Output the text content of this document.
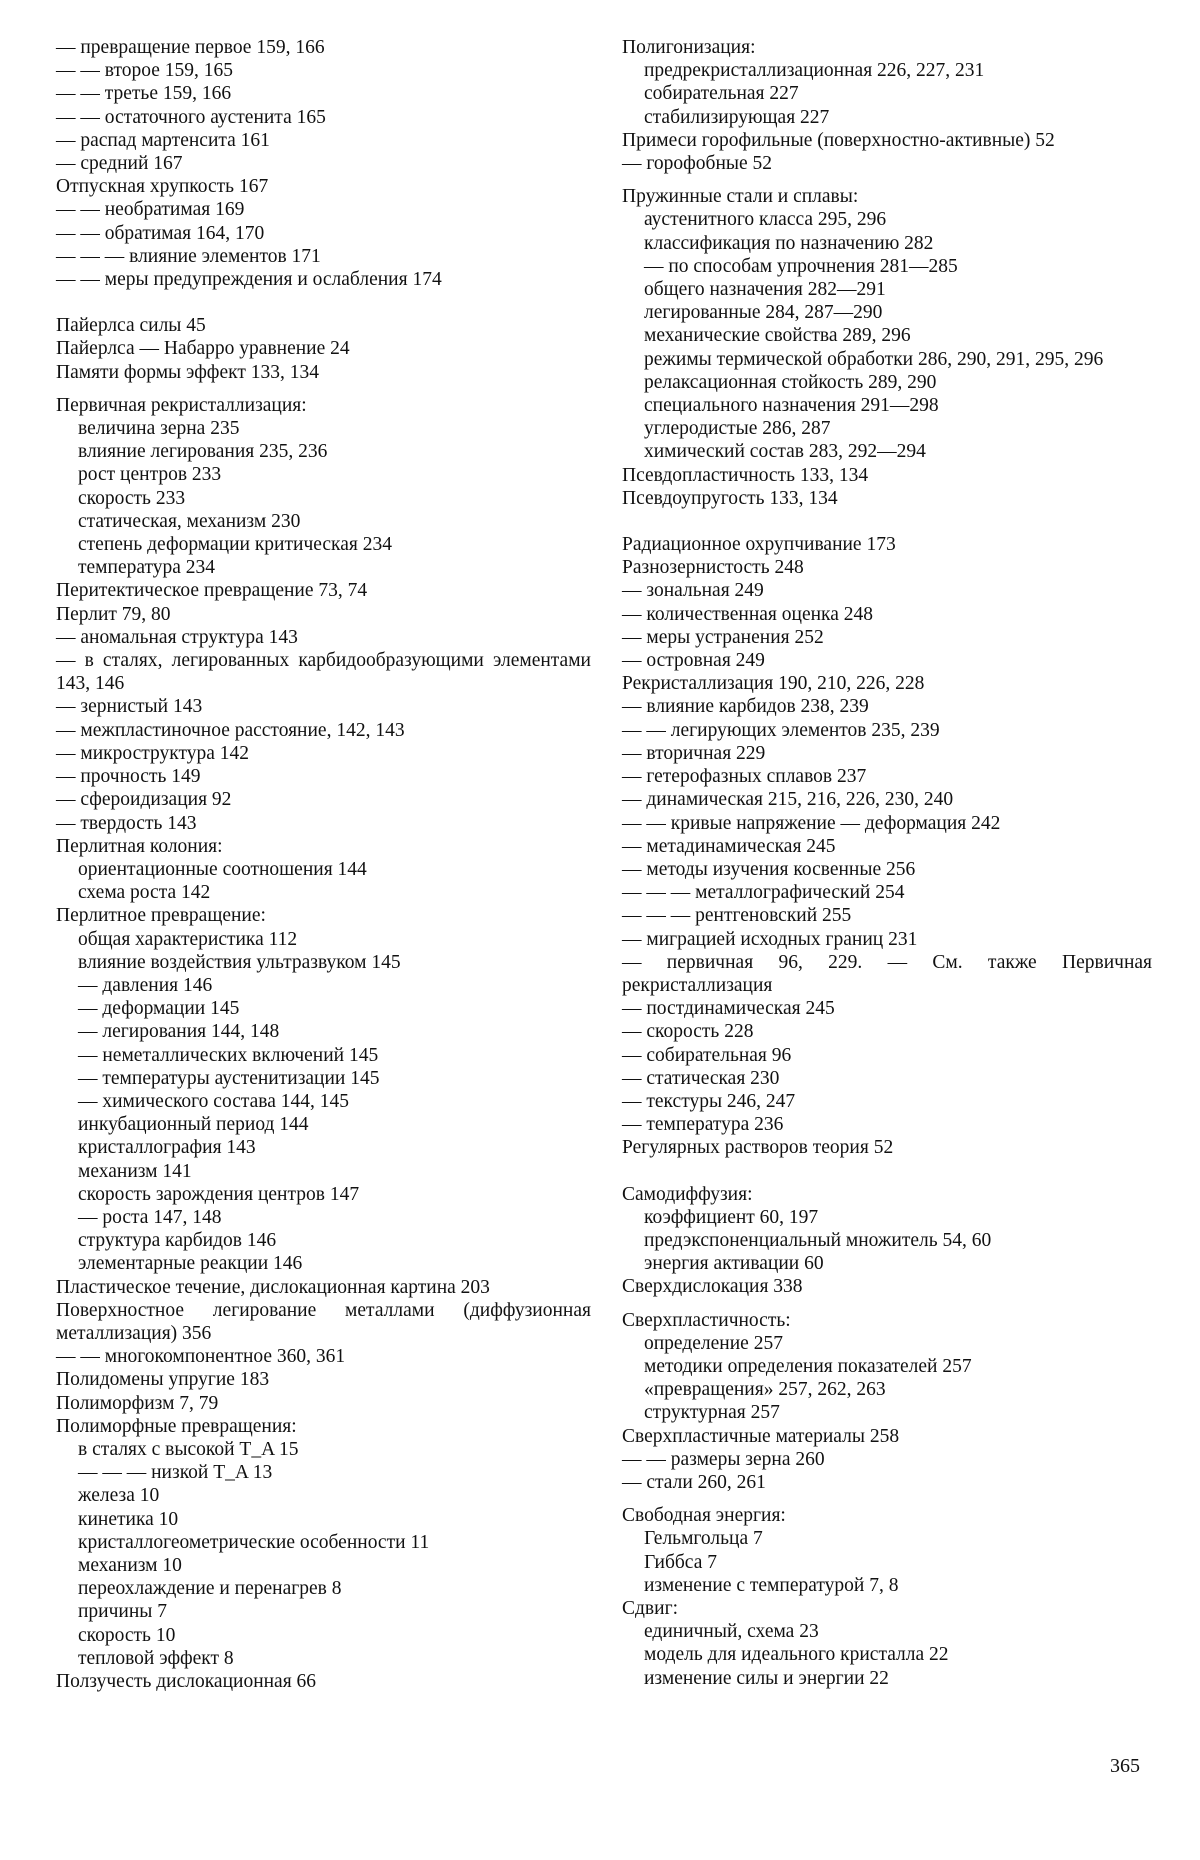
— превращение первое 159, 166
— — второе 159, 165
— — третье 159, 166
— — остаточного аустенита 165
— распад мартенсита 161
— средний 167
Отпускная хрупкость 167
— — необратимая 169
— — обратимая 164, 170
— — — влияние элементов 171
— — меры предупреждения и ослабления 174
Пайерлса силы 45
Пайерлса — Набарро уравнение 24
Памяти формы эффект 133, 134
Первичная рекристаллизация:
величина зерна 235
влияние легирования 235, 236
рост центров 233
скорость 233
статическая, механизм 230
степень деформации критическая 234
температура 234
Перитектическое превращение 73, 74
Перлит 79, 80
— аномальная структура 143
— в сталях, легированных карбидообразующими элементами 143, 146
— зернистый 143
— межпластиночное расстояние, 142, 143
— микроструктура 142
— прочность 149
— сфероидизация 92
— твердость 143
Перлитная колония:
ориентационные соотношения 144
схема роста 142
Перлитное превращение:
общая характеристика 112
влияние воздействия ультразвуком 145
— давления 146
— деформации 145
— легирования 144, 148
— неметаллических включений 145
— температуры аустенитизации 145
— химического состава 144, 145
инкубационный период 144
кристаллография 143
механизм 141
скорость зарождения центров 147
— роста 147, 148
структура карбидов 146
элементарные реакции 146
Пластическое течение, дислокационная картина 203
Поверхностное легирование металлами (диффузионная металлизация) 356
— — многокомпонентное 360, 361
Полидомены упругие 183
Полиморфизм 7, 79
Полиморфные превращения:
в сталях с высокой T_A 15
— — — низкой T_A 13
железа 10
кинетика 10
кристаллогеометрические особенности 11
механизм 10
переохлаждение и перенагрев 8
причины 7
скорость 10
тепловой эффект 8
Ползучесть дислокационная 66
Полигонизация:
предрекристаллизационная 226, 227, 231
собирательная 227
стабилизирующая 227
Примеси горофильные (поверхностно-активные) 52
— горофобные 52
Пружинные стали и сплавы:
аустенитного класса 295, 296
классификация по назначению 282
— по способам упрочнения 281—285
общего назначения 282—291
легированные 284, 287—290
механические свойства 289, 296
режимы термической обработки 286, 290, 291, 295, 296
релаксационная стойкость 289, 290
специального назначения 291—298
углеродистые 286, 287
химический состав 283, 292—294
Псевдопластичность 133, 134
Псевдоупругость 133, 134
Радиационное охрупчивание 173
Разнозернистость 248
— зональная 249
— количественная оценка 248
— меры устранения 252
— островная 249
Рекристаллизация 190, 210, 226, 228
— влияние карбидов 238, 239
— — легирующих элементов 235, 239
— вторичная 229
— гетерофазных сплавов 237
— динамическая 215, 216, 226, 230, 240
— — кривые напряжение — деформация 242
— метадинамическая 245
— методы изучения косвенные 256
— — — металлографический 254
— — — рентгеновский 255
— миграцией исходных границ 231
— первичная 96, 229. — См. также Первичная рекристаллизация
— постдинамическая 245
— скорость 228
— собирательная 96
— статическая 230
— текстуры 246, 247
— температура 236
Регулярных растворов теория 52
Самодиффузия:
коэффициент 60, 197
предэкспоненциальный множитель 54, 60
энергия активации 60
Сверхдислокация 338
Сверхпластичность:
определение 257
методики определения показателей 257
«превращения» 257, 262, 263
структурная 257
Сверхпластичные материалы 258
— — размеры зерна 260
— стали 260, 261
Свободная энергия:
Гельмгольца 7
Гиббса 7
изменение с температурой 7, 8
Сдвиг:
единичный, схема 23
модель для идеального кристалла 22
изменение силы и энергии 22
365
